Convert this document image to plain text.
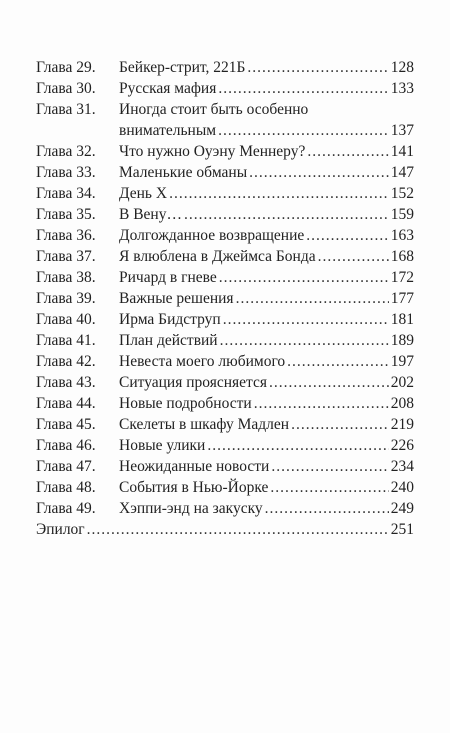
Глава 29.	Бейкер-стрит, 221Б .....	128
Глава 30.	Русская мафия .....	133
Глава 31.	Иногда стоит быть особенно
внимательным .....	137
Глава 32.	Что нужно Оуэну Меннеру? .....	141
Глава 33.	Маленькие обманы .....	147
Глава 34.	День X .....	152
Глава 35.	В Вену… .....	159
Глава 36.	Долгожданное возвращение .....	163
Глава 37.	Я влюблена в Джеймса Бонда .....	168
Глава 38.	Ричард в гневе .....	172
Глава 39.	Важные решения .....	177
Глава 40.	Ирма Бидструп .....	181
Глава 41.	План действий .....	189
Глава 42.	Невеста моего любимого .....	197
Глава 43.	Ситуация проясняется .....	202
Глава 44.	Новые подробности .....	208
Глава 45.	Скелеты в шкафу Мадлен .....	219
Глава 46.	Новые улики .....	226
Глава 47.	Неожиданные новости .....	234
Глава 48.	События в Нью-Йорке .....	240
Глава 49.	Хэппи-энд на закуску .....	249
Эпилог .....	251
